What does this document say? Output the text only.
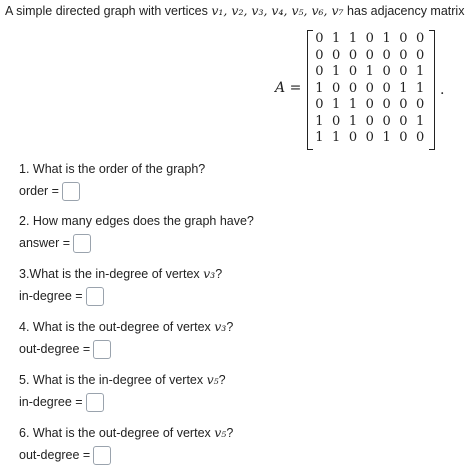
A simple directed graph with vertices v₁, v₂, v₃, v₄, v₅, v₆, v₇ has adjacency matrix
A =
0 1 1 0 1 0 0
0 0 0 0 0 0 0
0 1 0 1 0 0 1
1 0 0 0 0 1 1
0 1 1 0 0 0 0
1 0 1 0 0 0 1
1 1 0 0 1 0 0
.
1. What is the order of the graph?
order =
2. How many edges does the graph have?
answer =
3.What is the in-degree of vertex v₃?
in-degree =
4. What is the out-degree of vertex v₃?
out-degree =
5. What is the in-degree of vertex v₅?
in-degree =
6. What is the out-degree of vertex v₅?
out-degree =
